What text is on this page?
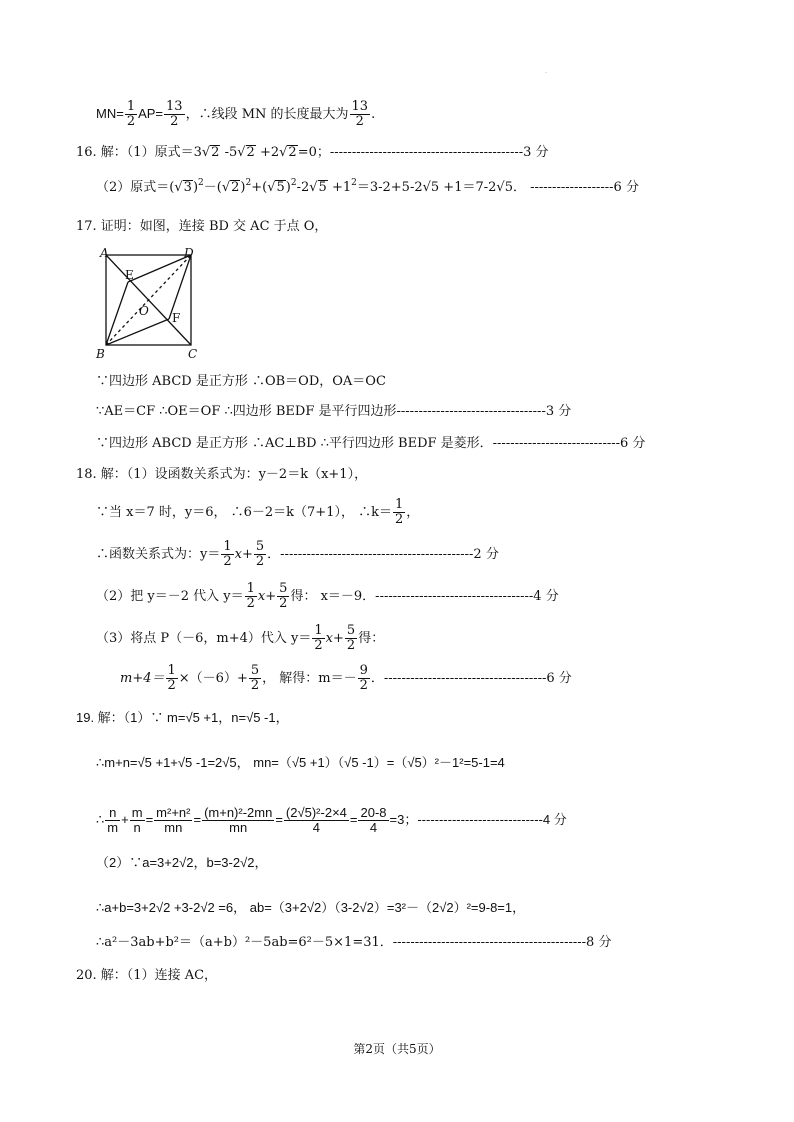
.
$MN= \frac{1}{2} AP= \frac{13}{2}$ ，∴线段 MN 的长度最大为 $\frac{13}{2}$ .
16. 解：（1）原式＝3 √ 2 -5 √ 2 +2 √ 2=0；--------------------------------------------3 分
（2）原式＝( √ 3)$^2$－( √ 2)$^2$+( √ 5)$^2$-2 √ $5 +1^2=3-2+5-2√5 +1=7-2√5$． -------------------6 分
17. 证明：如图，连接 BD 交 AC 于点 O，
A	D
E
O F
B	C
∵四边形 ABCD 是正方形 ∴OB＝OD，OA＝OC
∵AE＝CF ∴OE＝OF ∴四边形 BEDF 是平行四边形----------------------------------3 分
∵四边形 ABCD 是正方形 ∴AC⊥BD ∴平行四边形 BEDF 是菱形．-----------------------------6 分
18. 解：（1）设函数关系式为：y－2＝k（x+1），
∵当 x＝7 时，y＝6， ∴6－2＝k（7+1）， ∴k＝ $\frac{1}{2}$ ，
∴函数关系式为：$y= \frac{1}{2} x+ \frac{5}{2}$ ．--------------------------------------------2 分
（2）把 y＝－2 代入 $y= \frac{1}{2} x+ \frac{5}{2}$ 得： x＝－9．------------------------------------4 分
（3）将点 P（－6，m+4）代入 $y= \frac{1}{2} x+ \frac{5}{2}$ 得：
$m+4= \frac{1}{2} \times(-6)+ \frac{5}{2}$ ， 解得：$m=- \frac{9}{2}$ ．-------------------------------------6 分
19. 解：（1）∵ m=√5 +1，n=√5 -1，
∴m+n=√5 +1+√5 -1=2√5， mn=（√5 +1）（√5 -1）=（√5）²－1²=5-1=4
∴ $\frac{n}{m} + \frac{m}{n} = \frac{\text{m²+n²}}{mn} = \frac{\text{(m+n)²-2mn}}{mn} = \frac{\text{(2√5)²-2×4}}{4} = \frac{20-8}{4} =3$；-----------------------------4 分
（2）∵a=3+2√2，b=3-2√2，
∴a+b=3+2√2 +3-2√2 =6， ab=（3+2√2）（3-2√2）=3²－（2√2）²=9-8=1，
∴a²－3ab+b²＝（a+b）²－5ab=6²－5×1=31．--------------------------------------------8 分
20. 解：（1）连接 AC，
第2页（共5页）
